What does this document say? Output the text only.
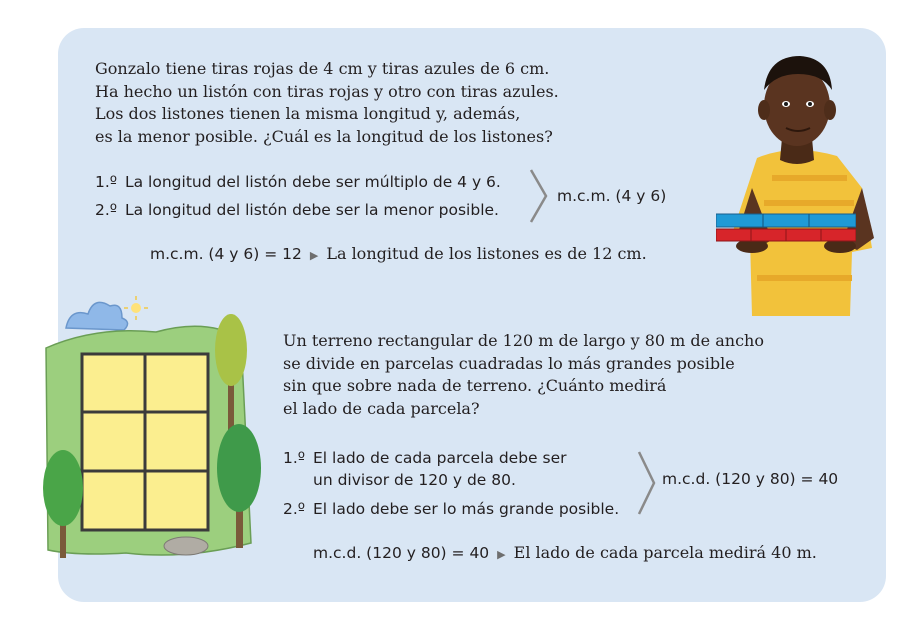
Gonzalo tiene tiras rojas de 4 cm y tiras azules de 6 cm.
Ha hecho un listón con tiras rojas y otro con tiras azules.
Los dos listones tienen la misma longitud y, además,
es la menor posible. ¿Cuál es la longitud de los listones?
1.º La longitud del listón debe ser múltiplo de 4 y 6.
2.º La longitud del listón debe ser la menor posible.
m.c.m. (4 y 6)
m.c.m. (4 y 6) = 12 ▶ La longitud de los listones es de 12 cm.
Un terreno rectangular de 120 m de largo y 80 m de ancho
se divide en parcelas cuadradas lo más grandes posible
sin que sobre nada de terreno. ¿Cuánto medirá
el lado de cada parcela?
1.º El lado de cada parcela debe ser
un divisor de 120 y de 80.
2.º El lado debe ser lo más grande posible.
m.c.d. (120 y 80) = 40
m.c.d. (120 y 80) = 40 ▶ El lado de cada parcela medirá 40 m.
